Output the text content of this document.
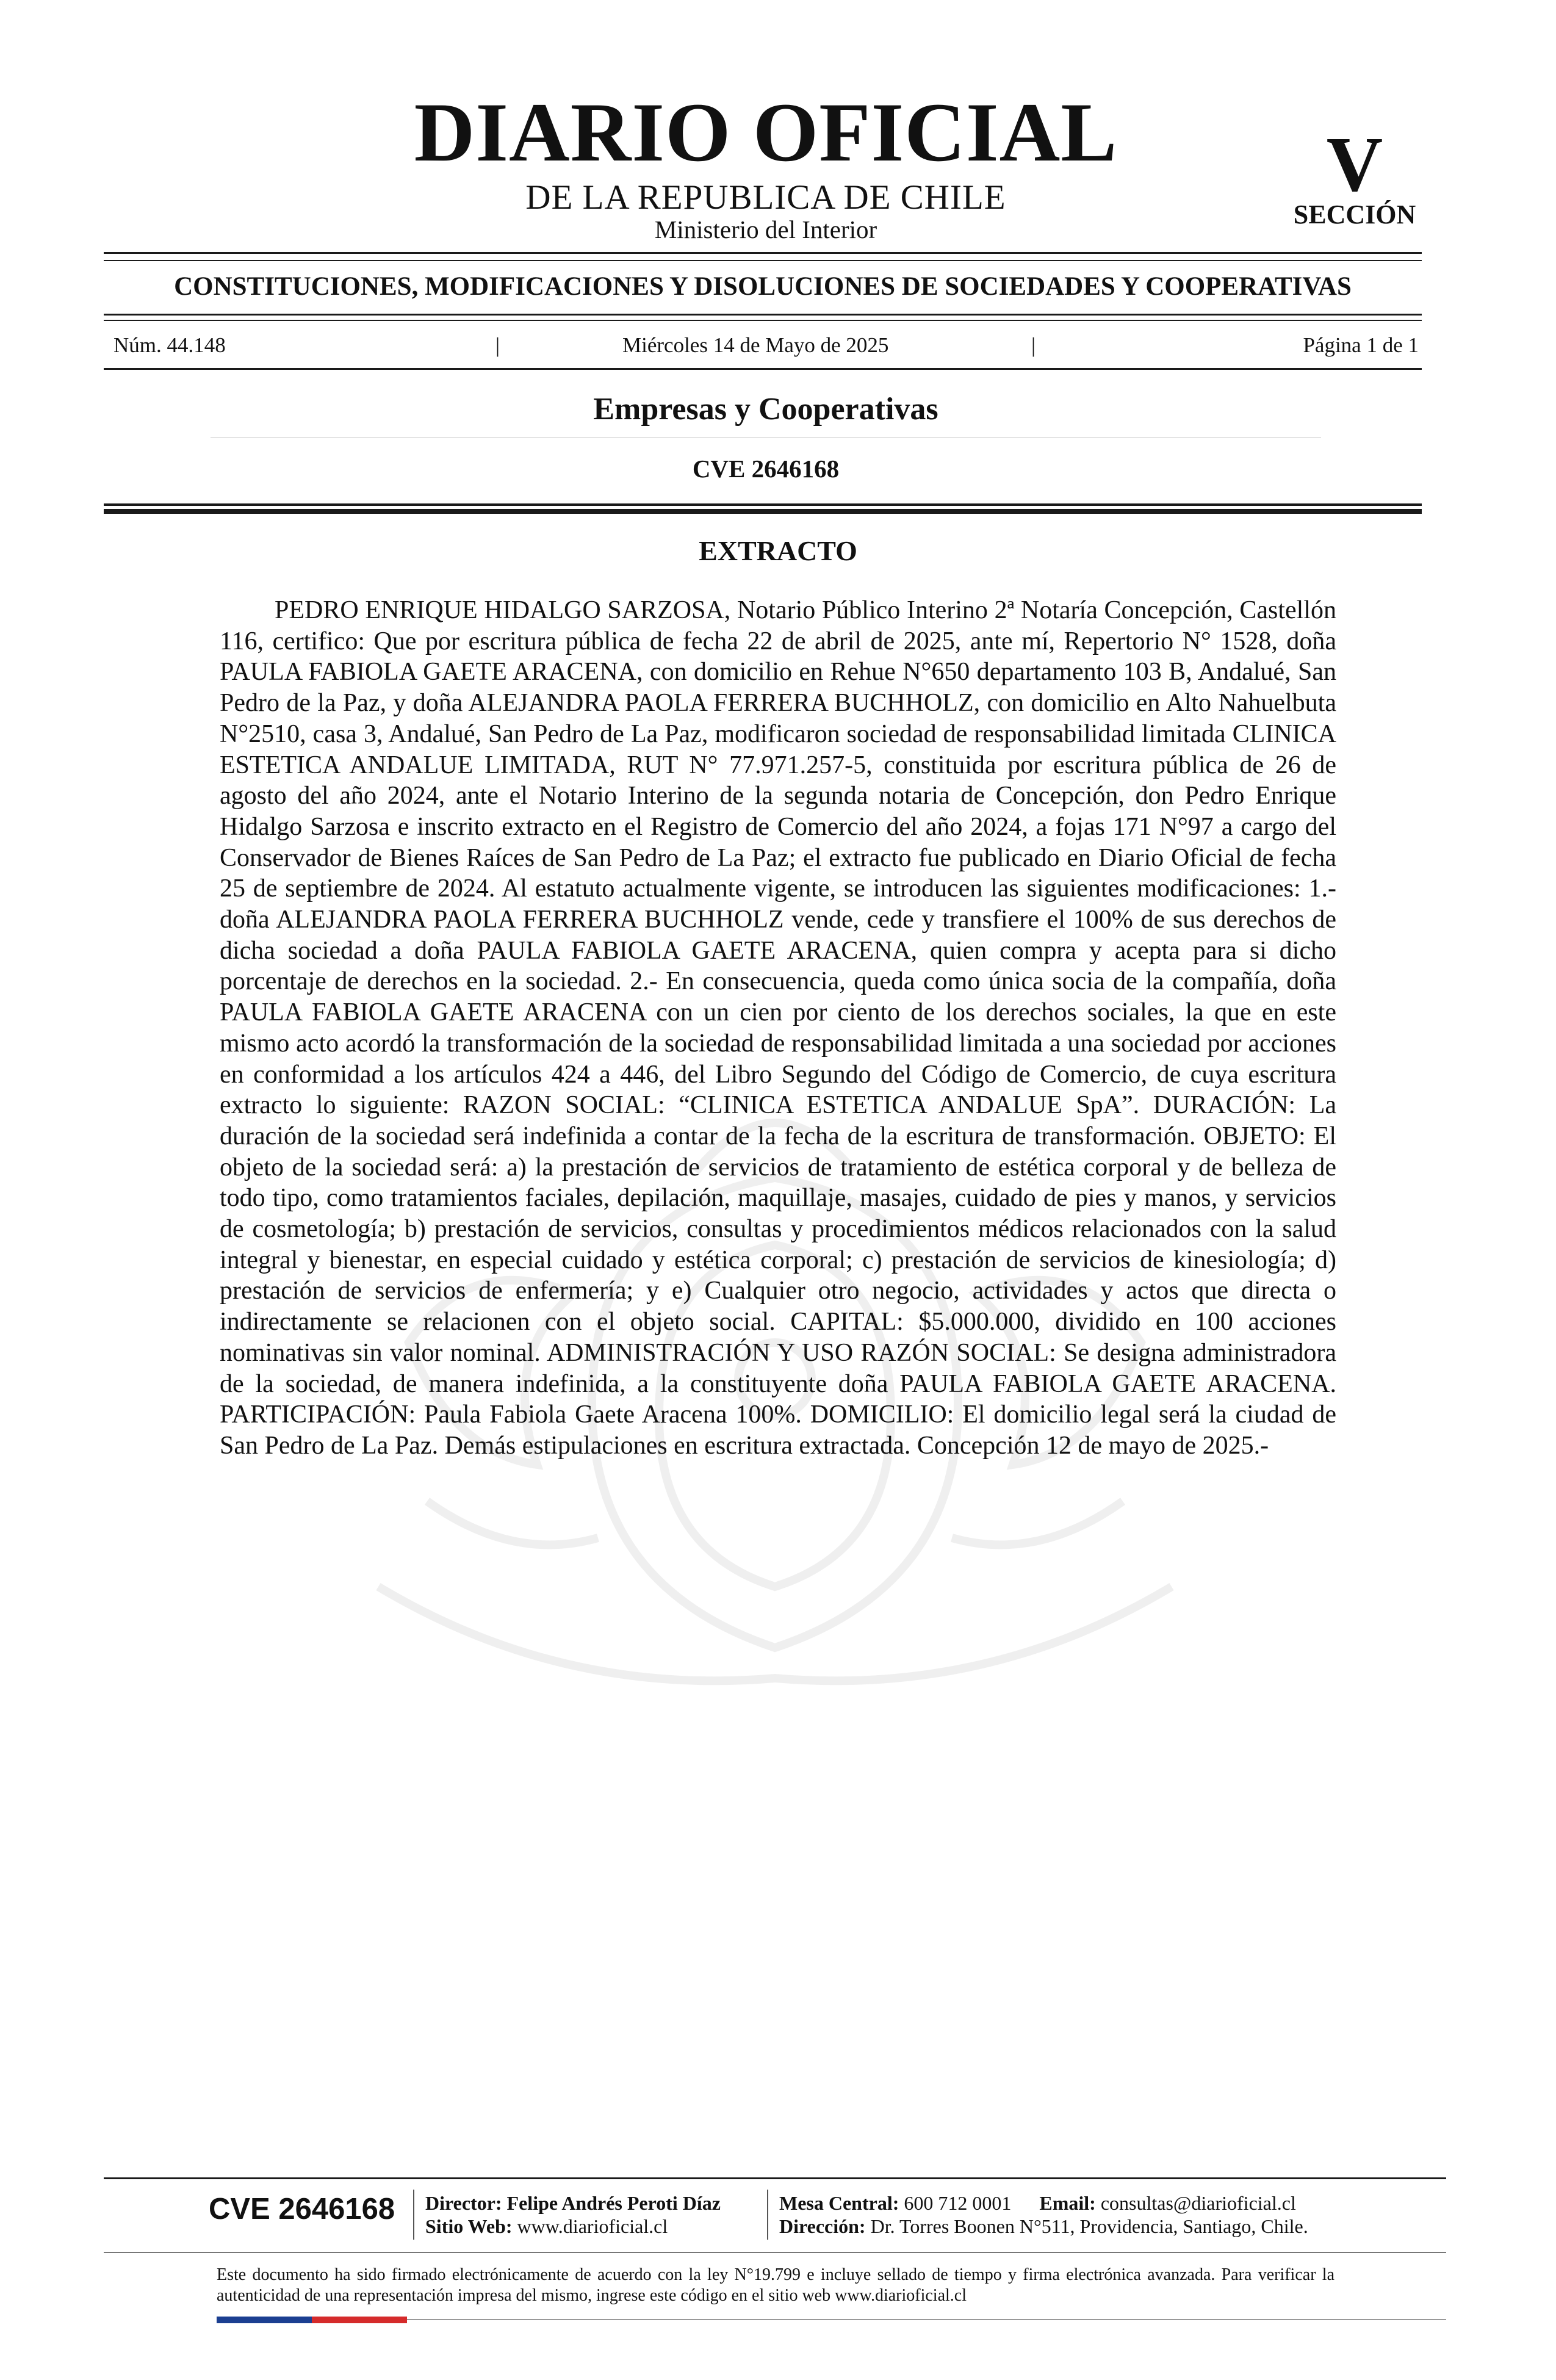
DIARIO OFICIAL
DE LA REPUBLICA DE CHILE
Ministerio del Interior
V
SECCIÓN
CONSTITUCIONES, MODIFICACIONES Y DISOLUCIONES DE SOCIEDADES Y COOPERATIVAS
Núm. 44.148	|	Miércoles 14 de Mayo de 2025	|	Página 1 de 1
Empresas y Cooperativas
CVE 2646168
EXTRACTO

PEDRO ENRIQUE HIDALGO SARZOSA, Notario Público Interino 2ª Notaría Concepción, Castellón 116, certifico: Que por escritura pública de fecha 22 de abril de 2025, ante mí, Repertorio N° 1528, doña PAULA FABIOLA GAETE ARACENA, con domicilio en Rehue N°650 departamento 103 B, Andalué, San Pedro de la Paz, y doña ALEJANDRA PAOLA FERRERA BUCHHOLZ, con domicilio en Alto Nahuelbuta N°2510, casa 3, Andalué, San Pedro de La Paz, modificaron sociedad de responsabilidad limitada CLINICA ESTETICA ANDALUE LIMITADA, RUT N° 77.971.257-5, constituida por escritura pública de 26 de agosto del año 2024, ante el Notario Interino de la segunda notaria de Concepción, don Pedro Enrique Hidalgo Sarzosa e inscrito extracto en el Registro de Comercio del año 2024, a fojas 171 N°97 a cargo del Conservador de Bienes Raíces de San Pedro de La Paz; el extracto fue publicado en Diario Oficial de fecha 25 de septiembre de 2024. Al estatuto actualmente vigente, se introducen las siguientes modificaciones: 1.- doña ALEJANDRA PAOLA FERRERA BUCHHOLZ vende, cede y transfiere el 100% de sus derechos de dicha sociedad a doña PAULA FABIOLA GAETE ARACENA, quien compra y acepta para si dicho porcentaje de derechos en la sociedad. 2.- En consecuencia, queda como única socia de la compañía, doña PAULA FABIOLA GAETE ARACENA con un cien por ciento de los derechos sociales, la que en este mismo acto acordó la transformación de la sociedad de responsabilidad limitada a una sociedad por acciones en conformidad a los artículos 424 a 446, del Libro Segundo del Código de Comercio, de cuya escritura extracto lo siguiente: RAZON SOCIAL: “CLINICA ESTETICA ANDALUE SpA”. DURACIÓN: La duración de la sociedad será indefinida a contar de la fecha de la escritura de transformación. OBJETO: El objeto de la sociedad será: a) la prestación de servicios de tratamiento de estética corporal y de belleza de todo tipo, como tratamientos faciales, depilación, maquillaje, masajes, cuidado de pies y manos, y servicios de cosmetología; b) prestación de servicios, consultas y procedimientos médicos relacionados con la salud integral y bienestar, en especial cuidado y estética corporal; c) prestación de servicios de kinesiología; d) prestación de servicios de enfermería; y e) Cualquier otro negocio, actividades y actos que directa o indirectamente se relacionen con el objeto social. CAPITAL: $5.000.000, dividido en 100 acciones nominativas sin valor nominal. ADMINISTRACIÓN Y USO RAZÓN SOCIAL: Se designa administradora de la sociedad, de manera indefinida, a la constituyente doña PAULA FABIOLA GAETE ARACENA. PARTICIPACIÓN: Paula Fabiola Gaete Aracena 100%. DOMICILIO: El domicilio legal será la ciudad de San Pedro de La Paz. Demás estipulaciones en escritura extractada. Concepción 12 de mayo de 2025.-

CVE 2646168 Director: Felipe Andrés Peroti Díaz
Sitio Web: www.diarioficial.cl
Mesa Central: 600 712 0001 Email: consultas@diarioficial.cl
Dirección: Dr. Torres Boonen N°511, Providencia, Santiago, Chile.

Este documento ha sido firmado electrónicamente de acuerdo con la ley N°19.799 e incluye sellado de tiempo y firma electrónica avanzada. Para verificar la autenticidad de una representación impresa del mismo, ingrese este código en el sitio web www.diarioficial.cl
